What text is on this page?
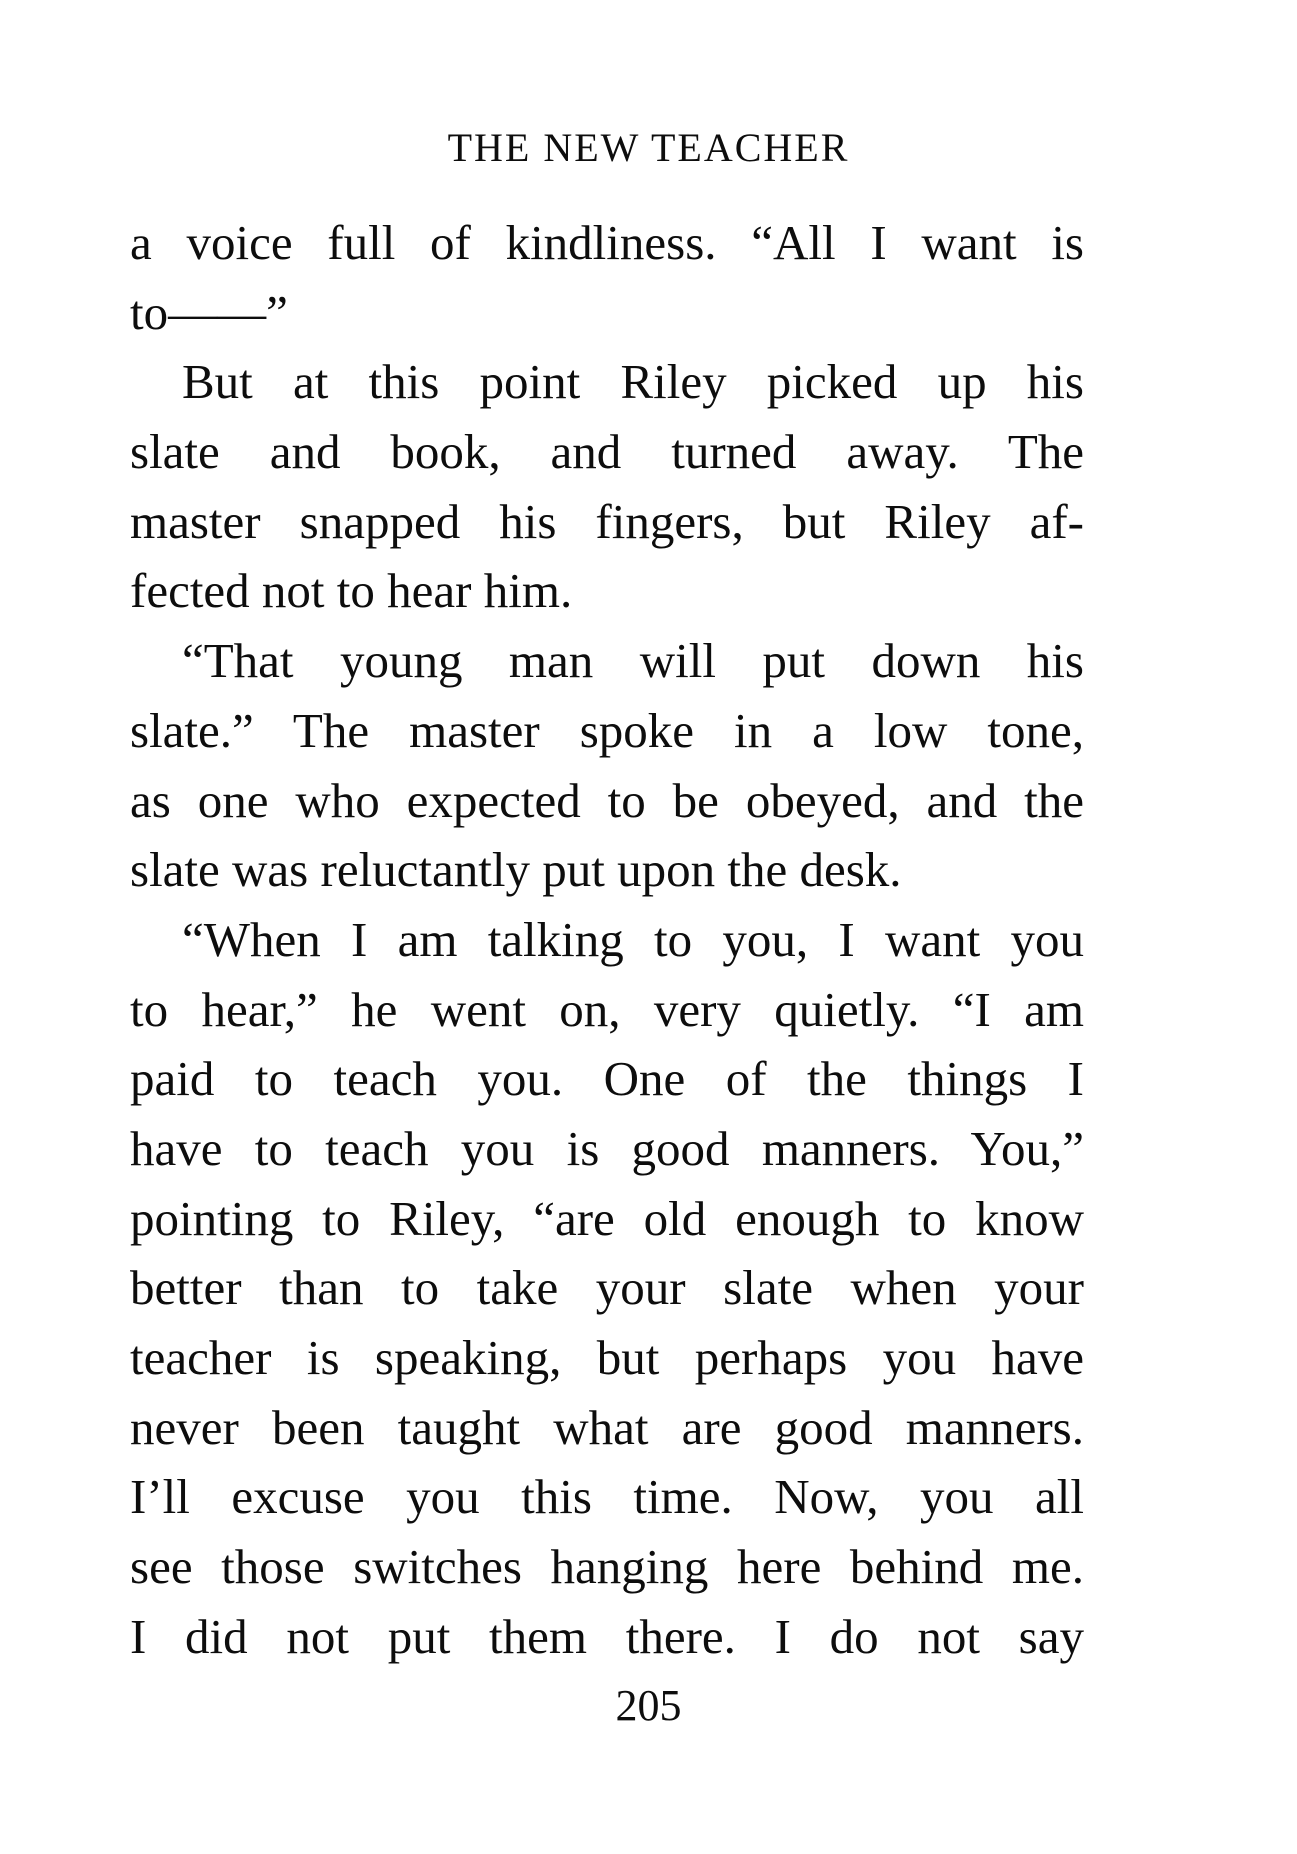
THE NEW TEACHER
a voice full of kindliness. “All I want is
to——”
But at this point Riley picked up his
slate and book, and turned away. The
master snapped his fingers, but Riley af-
fected not to hear him.
“That young man will put down his
slate.” The master spoke in a low tone,
as one who expected to be obeyed, and the
slate was reluctantly put upon the desk.
“When I am talking to you, I want you
to hear,” he went on, very quietly. “I am
paid to teach you. One of the things I
have to teach you is good manners. You,”
pointing to Riley, “are old enough to know
better than to take your slate when your
teacher is speaking, but perhaps you have
never been taught what are good manners.
I’ll excuse you this time. Now, you all
see those switches hanging here behind me.
I did not put them there. I do not say
205
